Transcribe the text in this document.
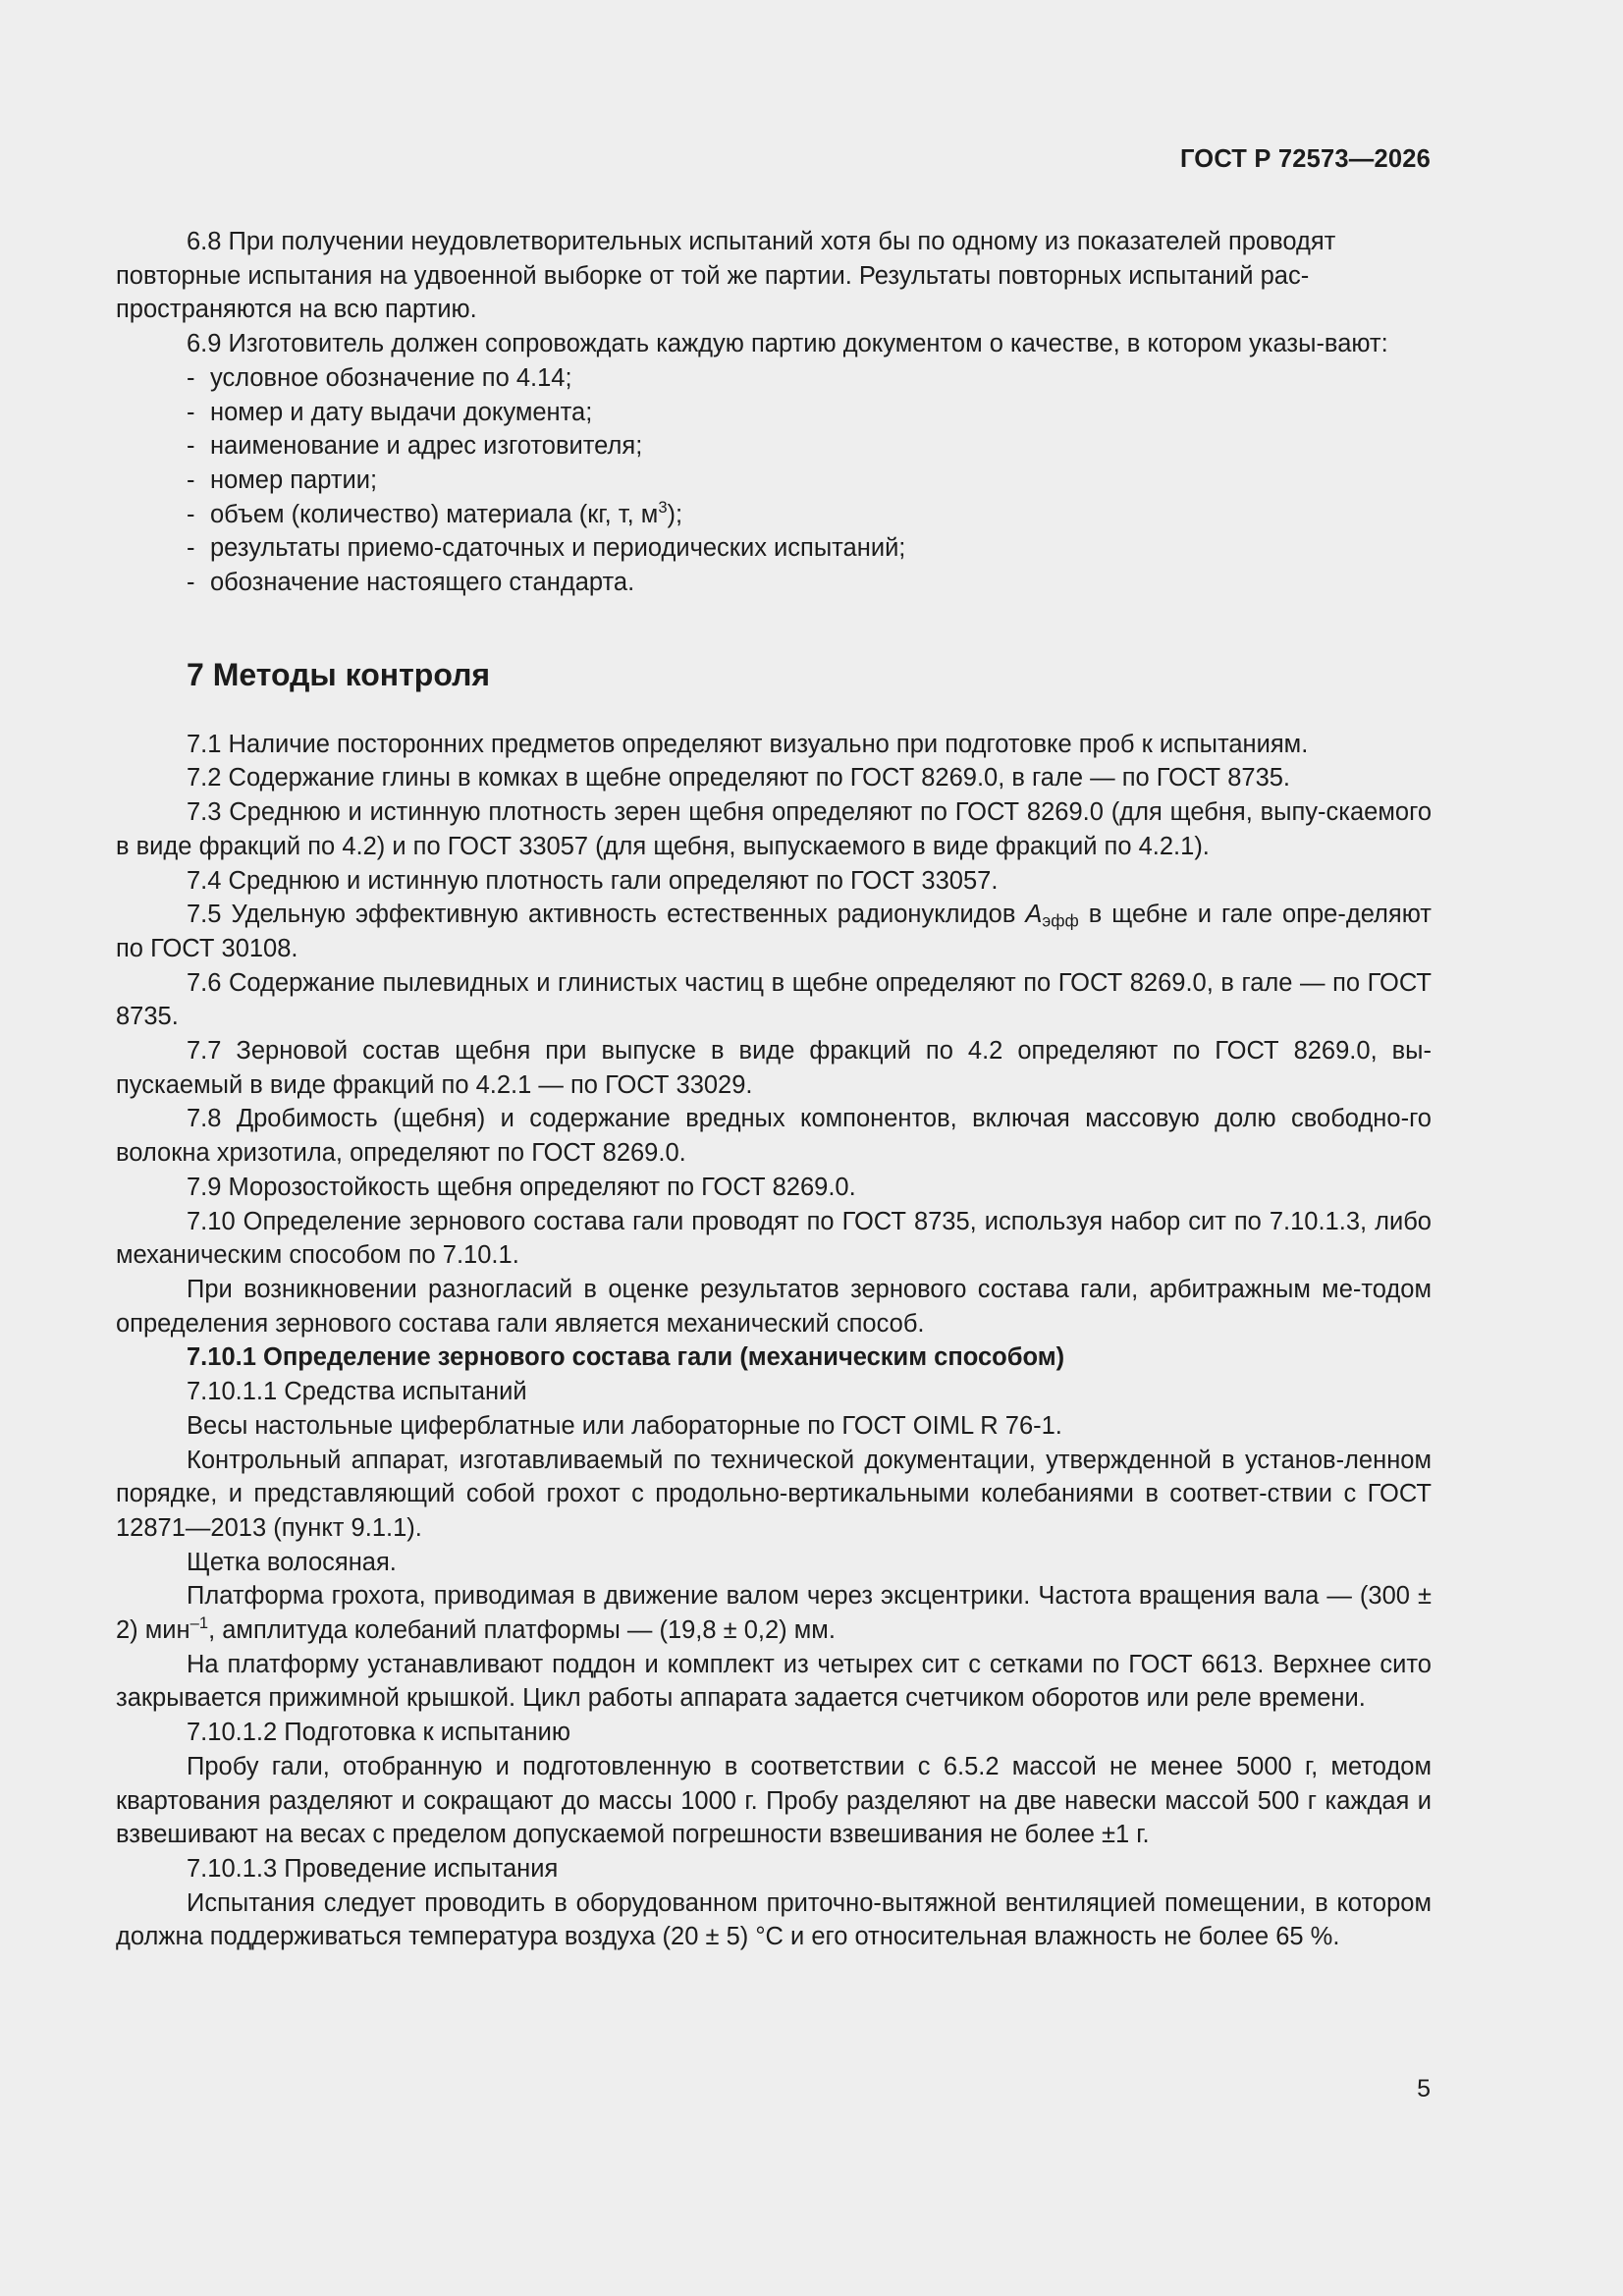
ГОСТ Р 72573—2026

6.8 При получении неудовлетворительных испытаний хотя бы по одному из показателей проводят

повторные испытания на удвоенной выборке от той же партии. Результаты повторных испытаний рас-

пространяются на всю партию.

6.9 Изготовитель должен сопровождать каждую партию документом о качестве, в котором указы-вают:

- условное обозначение по 4.14;

- номер и дату выдачи документа;

- наименование и адрес изготовителя;

- номер партии;

- объем (количество) материала (кг, т, $м^3$);

- результаты приемо-сдаточных и периодических испытаний;

- обозначение настоящего стандарта.

7 Методы контроля

7.1 Наличие посторонних предметов определяют визуально при подготовке проб к испытаниям.

7.2 Содержание глины в комках в щебне определяют по ГОСТ 8269.0, в гале — по ГОСТ 8735.

7.3 Среднюю и истинную плотность зерен щебня определяют по ГОСТ 8269.0 (для щебня, выпу-скаемого в виде фракций по 4.2) и по ГОСТ 33057 (для щебня, выпускаемого в виде фракций по 4.2.1).

7.4 Среднюю и истинную плотность гали определяют по ГОСТ 33057.

7.5 Удельную эффективную активность естественных радионуклидов $А_{эфф}$ в щебне и гале опре-деляют по ГОСТ 30108.

7.6 Содержание пылевидных и глинистых частиц в щебне определяют по ГОСТ 8269.0, в гале — по ГОСТ 8735.

7.7 Зерновой состав щебня при выпуске в виде фракций по 4.2 определяют по ГОСТ 8269.0, вы-пускаемый в виде фракций по 4.2.1 — по ГОСТ 33029.

7.8 Дробимость (щебня) и содержание вредных компонентов, включая массовую долю свободно-го волокна хризотила, определяют по ГОСТ 8269.0.

7.9 Морозостойкость щебня определяют по ГОСТ 8269.0.

7.10 Определение зернового состава гали проводят по ГОСТ 8735, используя набор сит по 7.10.1.3, либо механическим способом по 7.10.1.

При возникновении разногласий в оценке результатов зернового состава гали, арбитражным ме-тодом определения зернового состава гали является механический способ.

7.10.1 Определение зернового состава гали (механическим способом)

7.10.1.1 Средства испытаний

Весы настольные циферблатные или лабораторные по ГОСТ OIML R 76-1.

Контрольный аппарат, изготавливаемый по технической документации, утвержденной в установ-ленном порядке, и представляющий собой грохот с продольно-вертикальными колебаниями в соответ-ствии с ГОСТ 12871—2013 (пункт 9.1.1).

Щетка волосяная.

Платформа грохота, приводимая в движение валом через эксцентрики. Частота вращения вала — (300 ± 2) мин$^{-1}$, амплитуда колебаний платформы — (19,8 ± 0,2) мм.

На платформу устанавливают поддон и комплект из четырех сит с сетками по ГОСТ 6613. Верхнее сито закрывается прижимной крышкой. Цикл работы аппарата задается счетчиком оборотов или реле времени.

7.10.1.2 Подготовка к испытанию

Пробу гали, отобранную и подготовленную в соответствии с 6.5.2 массой не менее 5000 г, методом квартования разделяют и сокращают до массы 1000 г. Пробу разделяют на две навески массой 500 г каждая и взвешивают на весах с пределом допускаемой погрешности взвешивания не более ±1 г.

7.10.1.3 Проведение испытания

Испытания следует проводить в оборудованном приточно-вытяжной вентиляцией помещении, в котором должна поддерживаться температура воздуха (20 ± 5) °С и его относительная влажность не более 65 %.

5
